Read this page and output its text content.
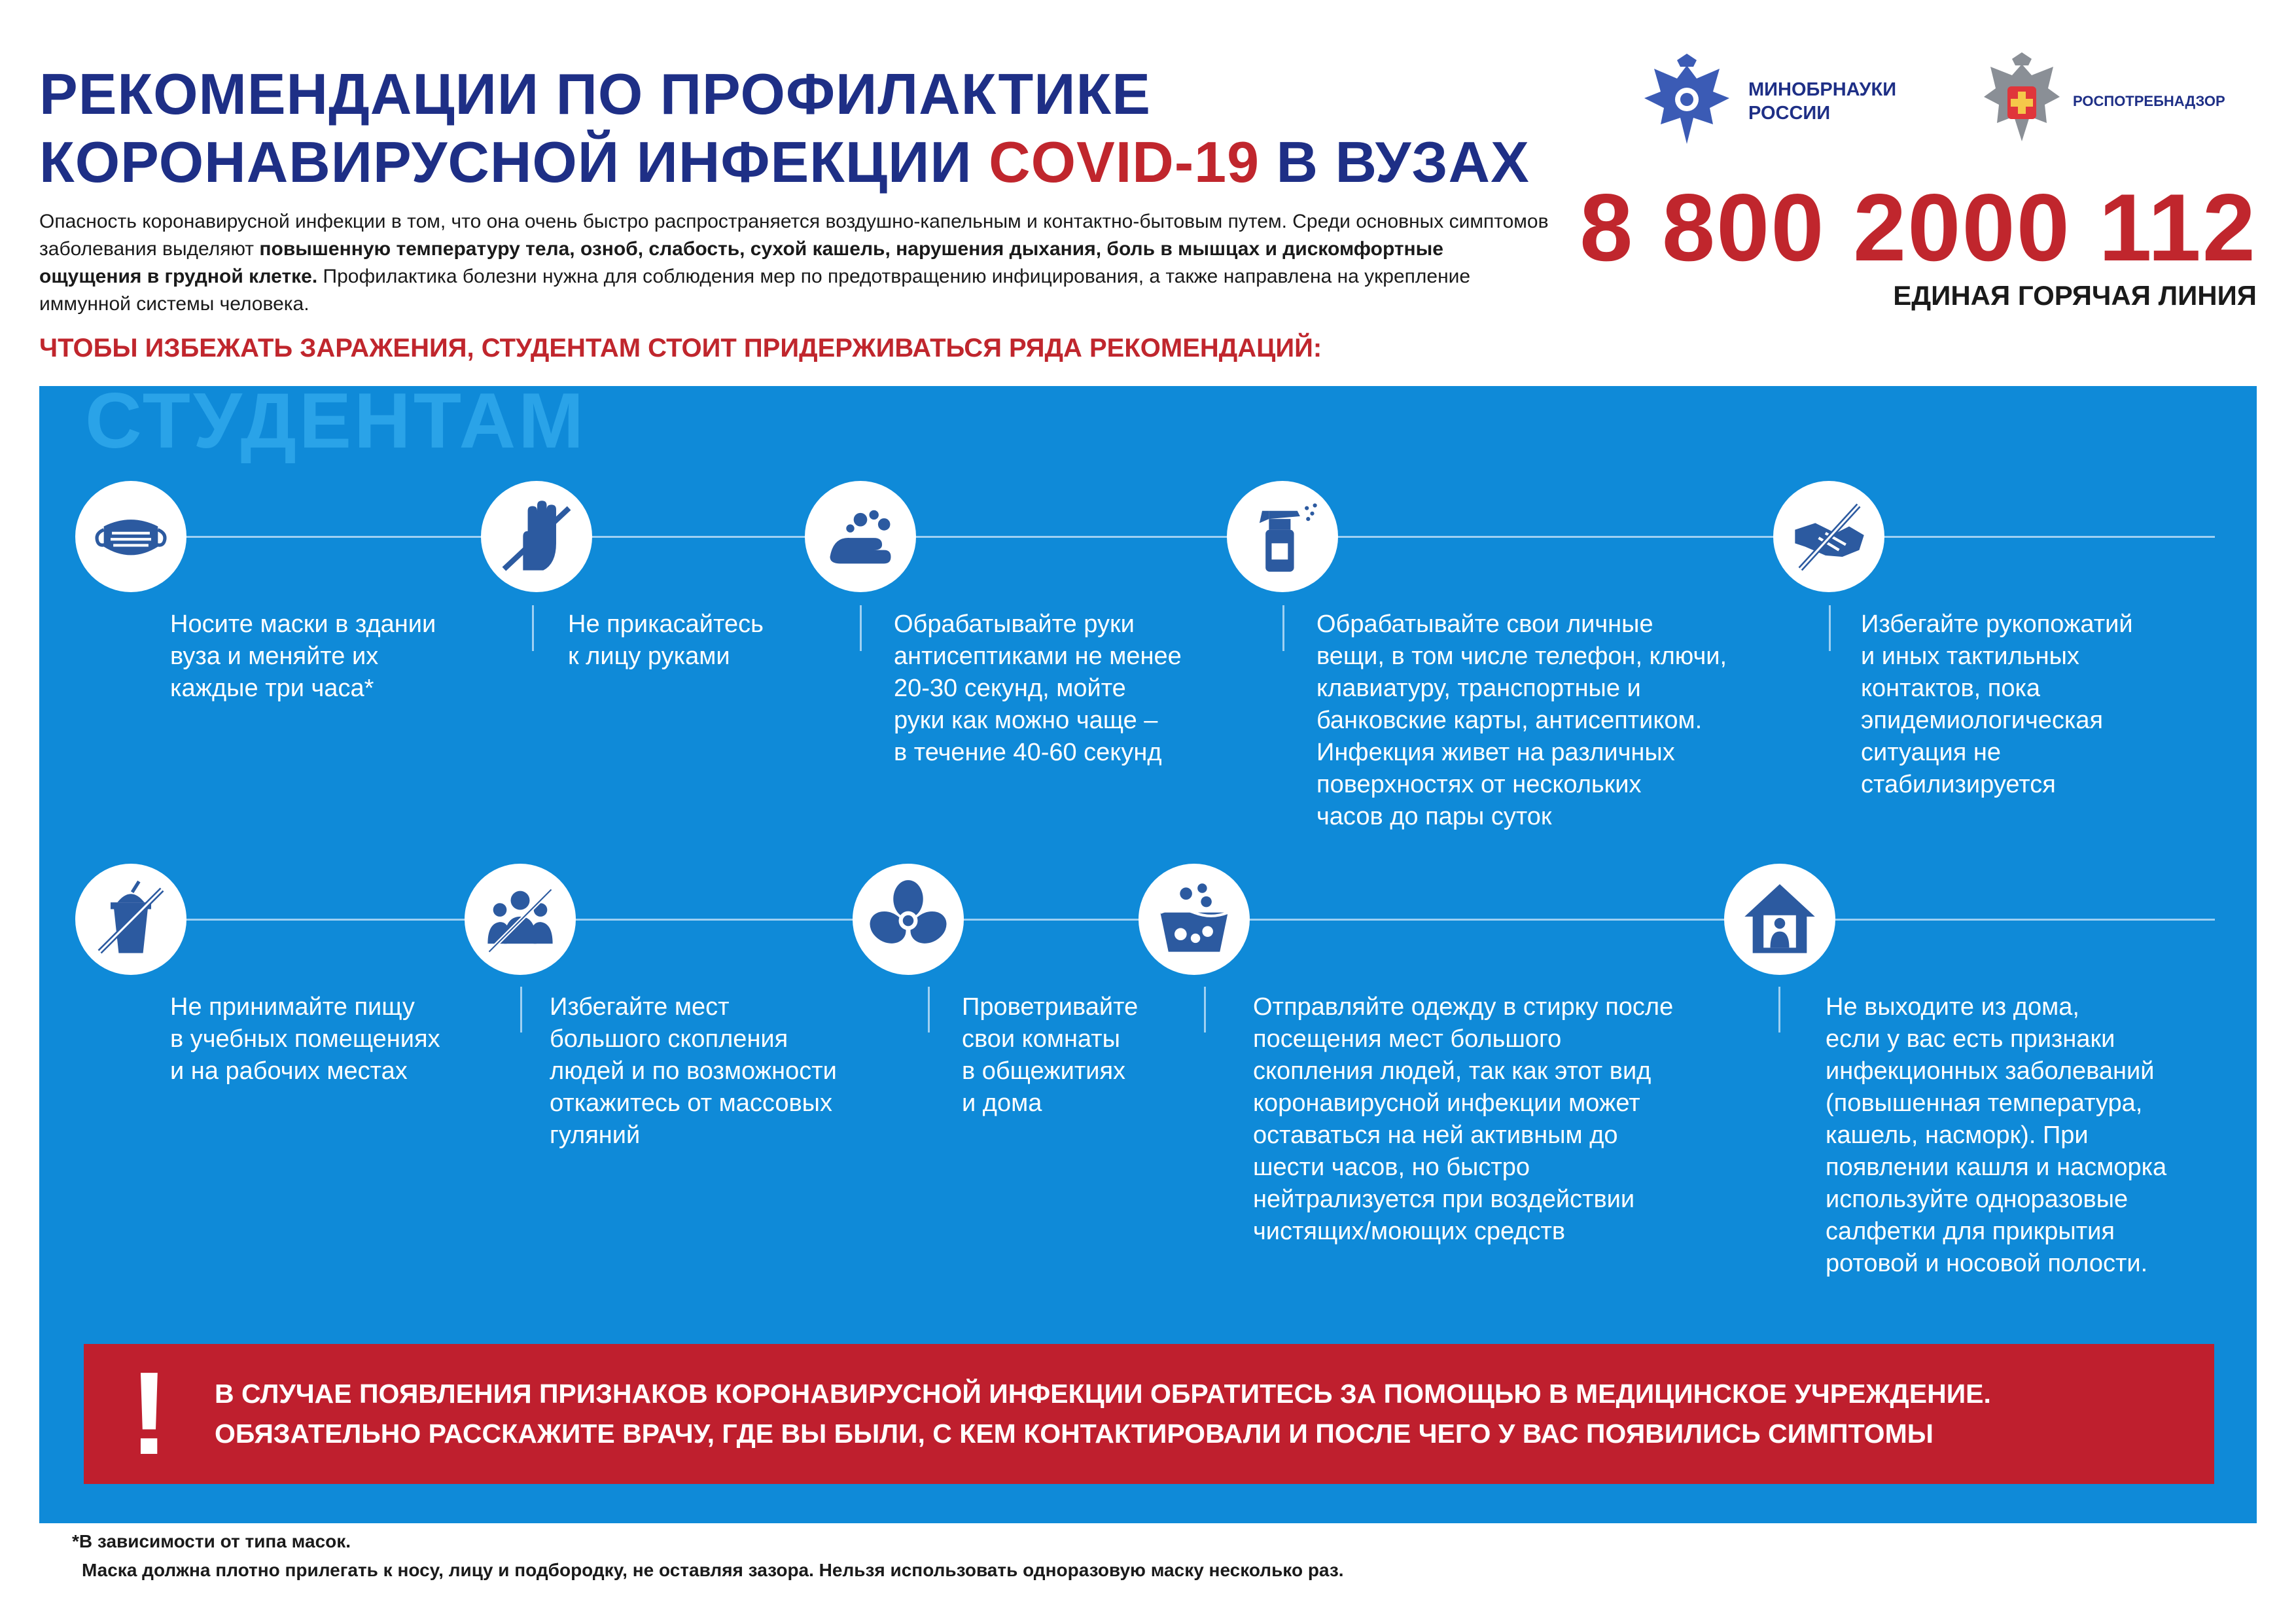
РЕКОМЕНДАЦИИ ПО ПРОФИЛАКТИКЕ
КОРОНАВИРУСНОЙ ИНФЕКЦИИ COVID-19 В ВУЗАХ

Опасность коронавирусной инфекции в том, что она очень быстро распространяется воздушно-капельным и контактно-бытовым путем. Среди основных симптомов заболевания выделяют повышенную температуру тела, озноб, слабость, сухой кашель, нарушения дыхания, боль в мышцах и дискомфортные ощущения в грудной клетке. Профилактика болезни нужна для соблюдения мер по предотвращению инфицирования, а также направлена на укрепление иммунной системы человека.

МИНОБРНАУКИ
РОССИИ
РОСПОТРЕБНАДЗОР
8 800 2000 112
ЕДИНАЯ ГОРЯЧАЯ ЛИНИЯ
ЧТОБЫ ИЗБЕЖАТЬ ЗАРАЖЕНИЯ, СТУДЕНТАМ СТОИТ ПРИДЕРЖИВАТЬСЯ РЯДА РЕКОМЕНДАЦИЙ:
СТУДЕНТАМ

Носите маски в здании
вуза и меняйте их
каждые три часа*

Не прикасайтесь
к лицу руками

Обрабатывайте руки
антисептиками не менее
20-30 секунд, мойте
руки как можно чаще –
в течение 40-60 секунд

Обрабатывайте свои личные
вещи, в том числе телефон, ключи,
клавиатуру, транспортные и
банковские карты, антисептиком.
Инфекция живет на различных
поверхностях от нескольких
часов до пары суток

Избегайте рукопожатий
и иных тактильных
контактов, пока
эпидемиологическая
ситуация не
стабилизируется

Не принимайте пищу
в учебных помещениях
и на рабочих местах

Избегайте мест
большого скопления
людей и по возможности
откажитесь от массовых
гуляний

Проветривайте
свои комнаты
в общежитиях
и дома

Отправляйте одежду в стирку после
посещения мест большого
скопления людей, так как этот вид
коронавирусной инфекции может
оставаться на ней активным до
шести часов, но быстро
нейтрализуется при воздействии
чистящих/моющих средств

Не выходите из дома,
если у вас есть признаки
инфекционных заболеваний
(повышенная температура,
кашель, насморк). При
появлении кашля и насморка
используйте одноразовые
салфетки для прикрытия
ротовой и носовой полости.

!	В СЛУЧАЕ ПОЯВЛЕНИЯ ПРИЗНАКОВ КОРОНАВИРУСНОЙ ИНФЕКЦИИ ОБРАТИТЕСЬ ЗА ПОМОЩЬЮ В МЕДИЦИНСКОЕ УЧРЕЖДЕНИЕ.
ОБЯЗАТЕЛЬНО РАССКАЖИТЕ ВРАЧУ, ГДЕ ВЫ БЫЛИ, С КЕМ КОНТАКТИРОВАЛИ И ПОСЛЕ ЧЕГО У ВАС ПОЯВИЛИСЬ СИМПТОМЫ
*В зависимости от типа масок.
Маска должна плотно прилегать к носу, лицу и подбородку, не оставляя зазора. Нельзя использовать одноразовую маску несколько раз.
